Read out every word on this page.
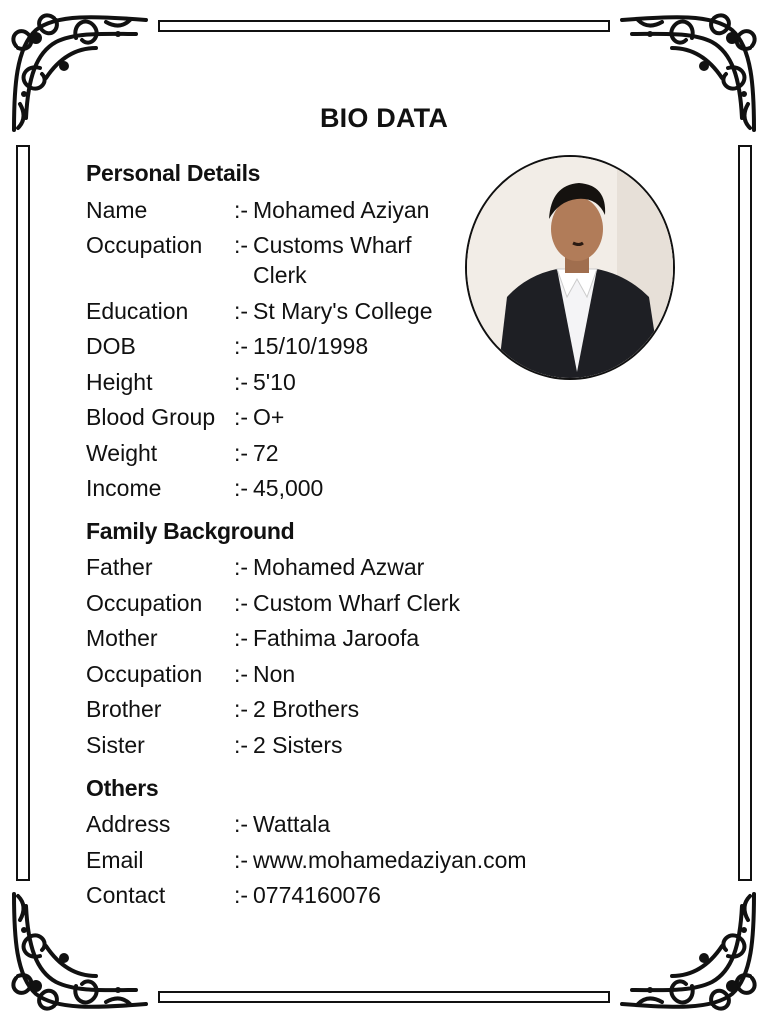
BIO DATA
Personal Details
Name	:- Mohamed Aziyan
Occupation :- Customs Wharf
Clerk
Education :- St Mary's College
DOB	:- 15/10/1998
Height	:- 5'10
Blood Group :- O+
Weight	:- 72
Income	:- 45,000
Family Background
Father	:- Mohamed Azwar
Occupation :- Custom Wharf Clerk
Mother	:- Fathima Jaroofa
Occupation :- Non
Brother	:- 2 Brothers
Sister	:- 2 Sisters
Others
Address	:- Wattala
Email	:- www.mohamedaziyan.com
Contact	:- 0774160076
